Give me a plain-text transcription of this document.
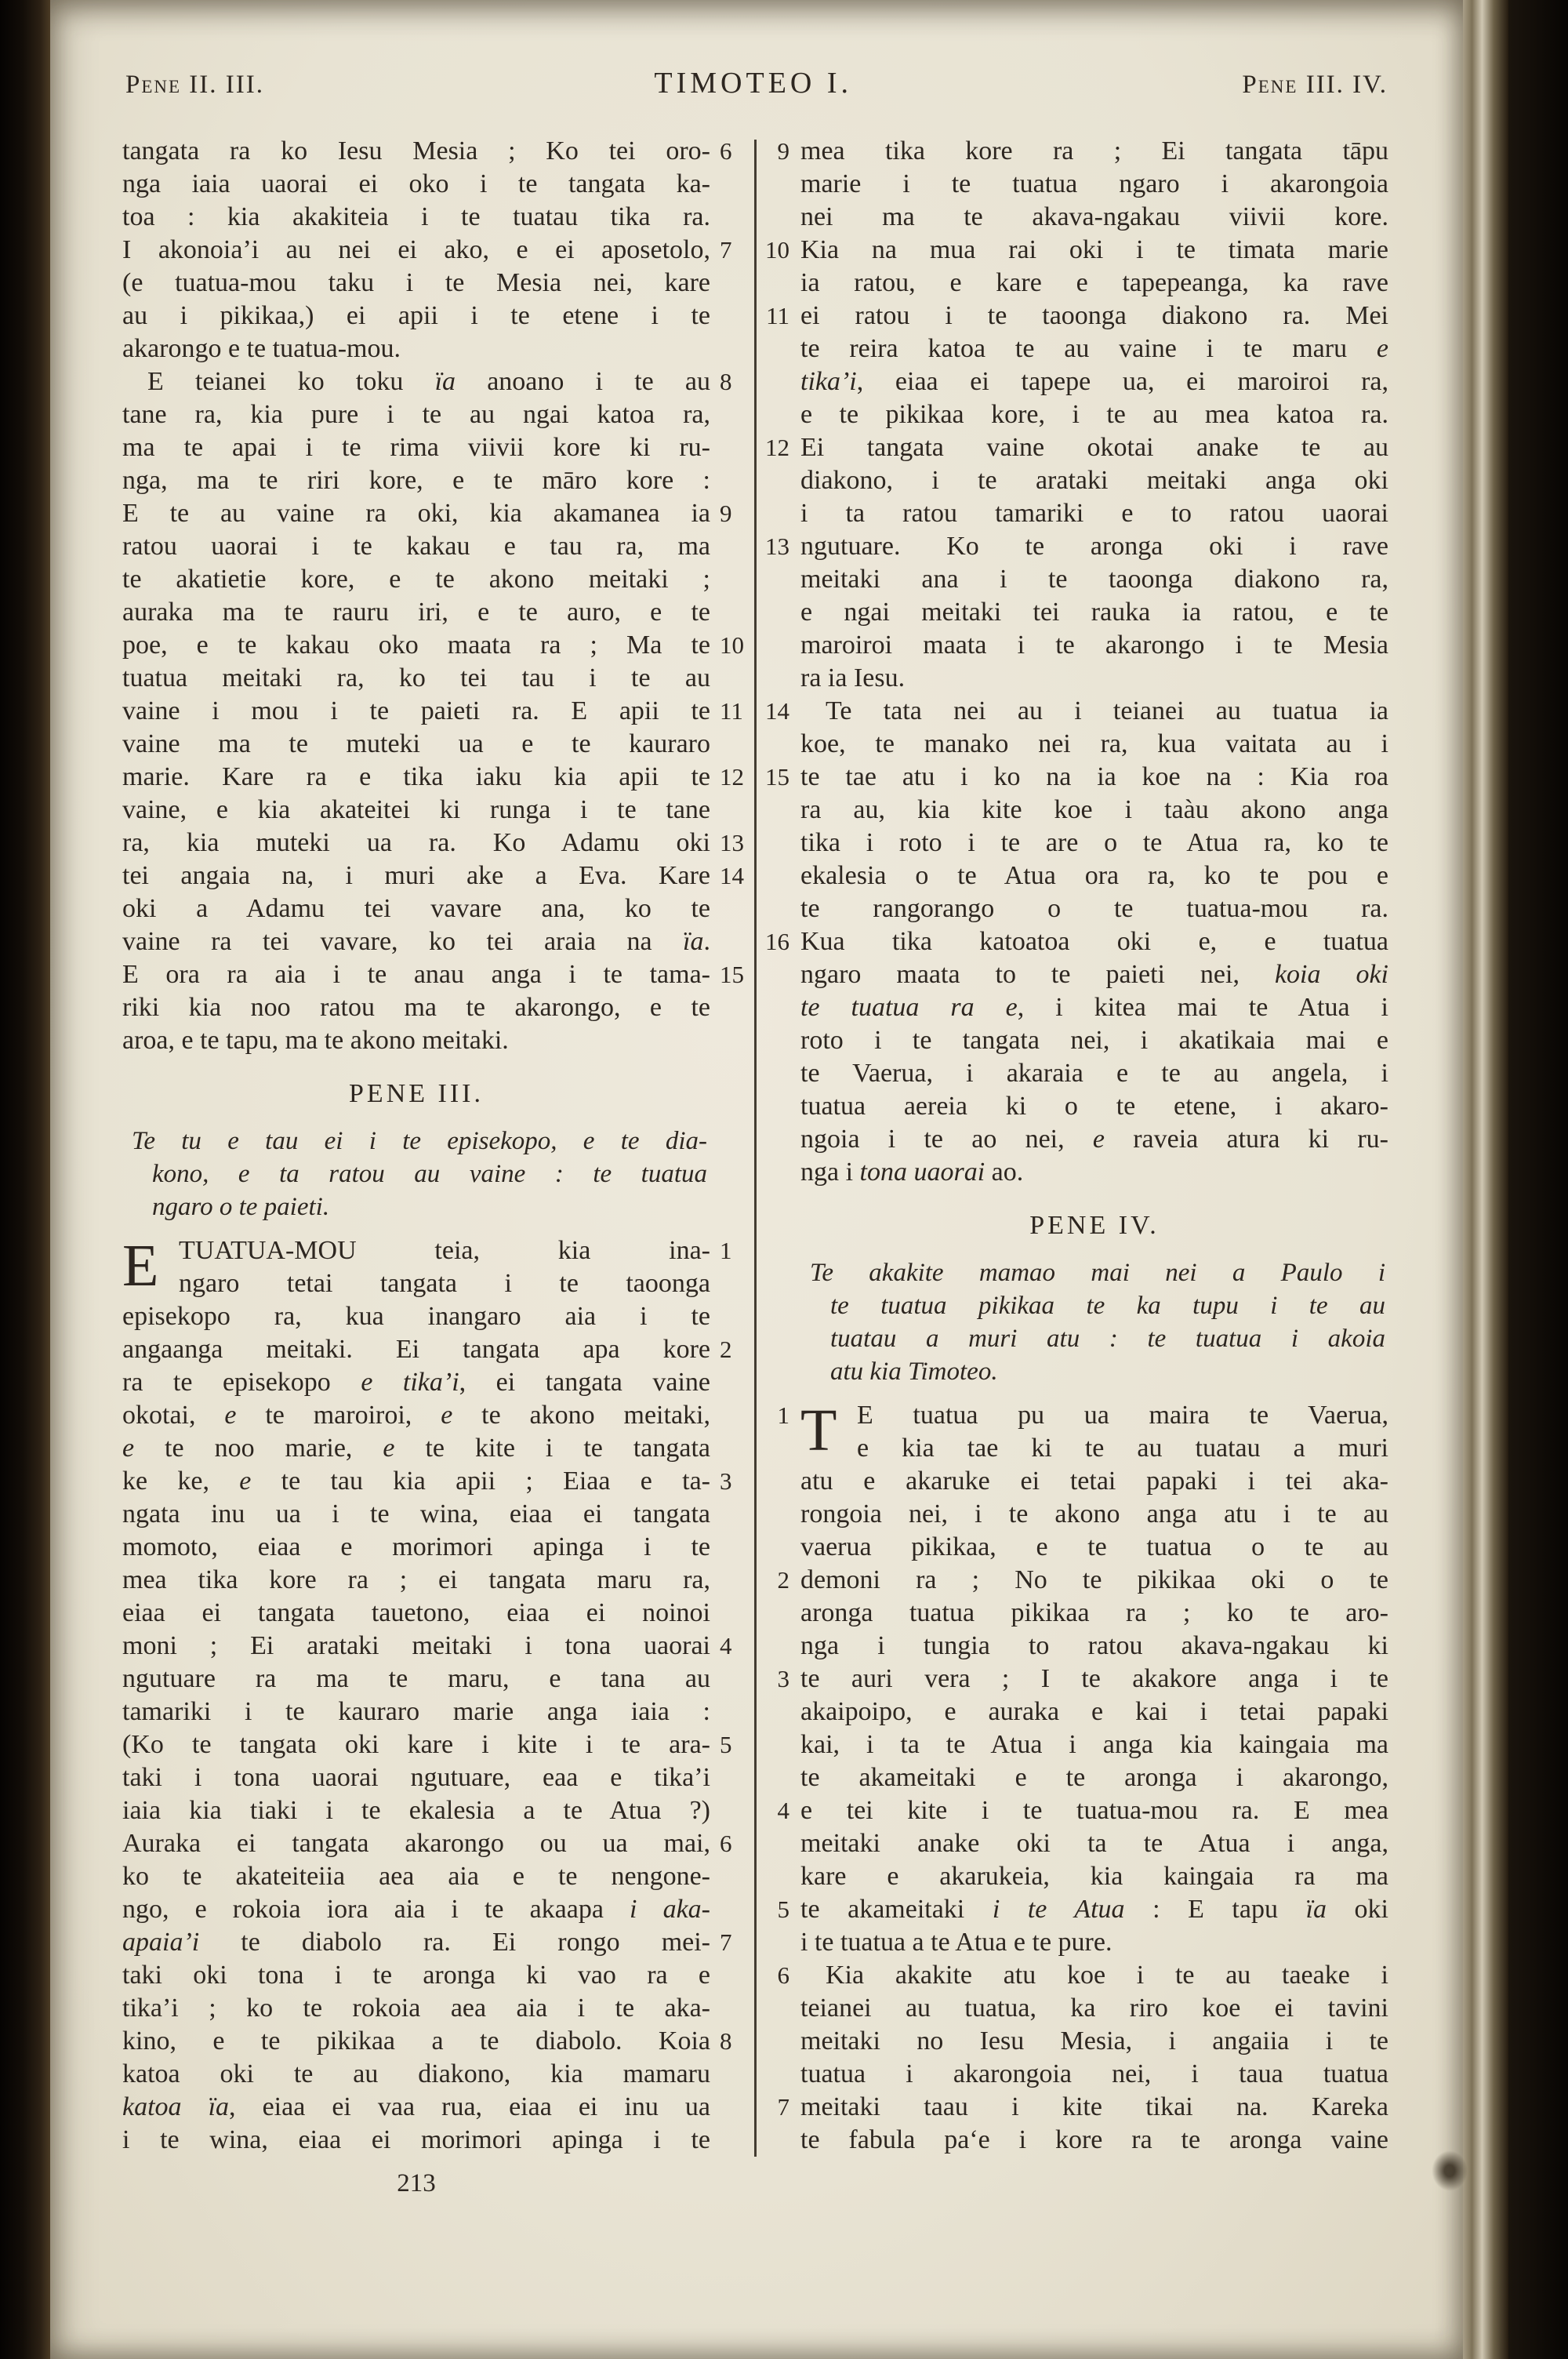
Pene II. III.	TIMOTEO I.	Pene III. IV.
6
tangata ra ko Iesu Mesia ; Ko tei oro-
nga iaia uaorai ei oko i te tangata ka-
toa : kia akakiteia i te tuatau tika ra.
7
I akonoia’i au nei ei ako, e ei aposetolo,
(e tuatua-mou taku i te Mesia nei, kare
au i pikikaa,) ei apii i te etene i te
akarongo e te tuatua-mou.
8
E teianei ko toku ïa anoano i te au
tane ra, kia pure i te au ngai katoa ra,
ma te apai i te rima viivii kore ki ru-
nga, ma te riri kore, e te māro kore :
9
E te au vaine ra oki, kia akamanea ia
ratou uaorai i te kakau e tau ra, ma
te akatietie kore, e te akono meitaki ;
auraka ma te rauru iri, e te auro, e te
10
poe, e te kakau oko maata ra ; Ma te
tuatua meitaki ra, ko tei tau i te au
11
vaine i mou i te paieti ra. E apii te
vaine ma te muteki ua e te kauraro
12
marie. Kare ra e tika iaku kia apii te
vaine, e kia akateitei ki runga i te tane
13
ra, kia muteki ua ra. Ko Adamu oki
14
tei angaia na, i muri ake a Eva. Kare
oki a Adamu tei vavare ana, ko te
vaine ra tei vavare, ko tei araia na ïa.
15
E ora ra aia i te anau anga i te tama-
riki kia noo ratou ma te akarongo, e te
aroa, e te tapu, ma te akono meitaki.
PENE III.
Te tu e tau ei i te episekopo, e te dia-
kono, e ta ratou au vaine : te tuatua
ngaro o te paieti.
1
E TUATUA-MOU teia, kia ina-
ngaro tetai tangata i te taoonga
episekopo ra, kua inangaro aia i te
2
angaanga meitaki. Ei tangata apa kore
ra te episekopo e tika’i, ei tangata vaine
okotai, e te maroiroi, e te akono meitaki,
e te noo marie, e te kite i te tangata
3
ke ke, e te tau kia apii ; Eiaa e ta-
ngata inu ua i te wina, eiaa ei tangata
momoto, eiaa e morimori apinga i te
mea tika kore ra ; ei tangata maru ra,
eiaa ei tangata tauetono, eiaa ei noinoi
4
moni ; Ei arataki meitaki i tona uaorai
ngutuare ra ma te maru, e tana au
tamariki i te kauraro marie anga iaia :
5
(Ko te tangata oki kare i kite i te ara-
taki i tona uaorai ngutuare, eaa e tika’i
iaia kia tiaki i te ekalesia a te Atua ?)
6
Auraka ei tangata akarongo ou ua mai,
ko te akateiteiia aea aia e te nengone-
ngo, e rokoia iora aia i te akaapa i aka-
7
apaia’i te diabolo ra. Ei rongo mei-
taki oki tona i te aronga ki vao ra e
tika’i ; ko te rokoia aea aia i te aka-
8
kino, e te pikikaa a te diabolo. Koia
katoa oki te au diakono, kia mamaru
katoa ïa, eiaa ei vaa rua, eiaa ei inu ua
i te wina, eiaa ei morimori apinga i te
9 mea tika kore ra ; Ei tangata tāpu
marie i te tuatua ngaro i akarongoia
nei ma te akava-ngakau viivii kore.
10 Kia na mua rai oki i te timata marie
ia ratou, e kare e tapepeanga, ka rave
11 ei ratou i te taoonga diakono ra. Mei
te reira katoa te au vaine i te maru e
tika’i, eiaa ei tapepe ua, ei maroiroi ra,
e te pikikaa kore, i te au mea katoa ra.
12 Ei tangata vaine okotai anake te au
diakono, i te arataki meitaki anga oki
i ta ratou tamariki e to ratou uaorai
13 ngutuare. Ko te aronga oki i rave
meitaki ana i te taoonga diakono ra,
e ngai meitaki tei rauka ia ratou, e te
maroiroi maata i te akarongo i te Mesia
ra ia Iesu.
14 Te tata nei au i teianei au tuatua ia
koe, te manako nei ra, kua vaitata au i
15 te tae atu i ko na ia koe na : Kia roa
ra au, kia kite koe i taàu akono anga
tika i roto i te are o te Atua ra, ko te
ekalesia o te Atua ora ra, ko te pou e
te rangorango o te tuatua-mou ra.
16 Kua tika katoatoa oki e, e tuatua
ngaro maata to te paieti nei, koia oki
te tuatua ra e, i kitea mai te Atua i
roto i te tangata nei, i akatikaia mai e
te Vaerua, i akaraia e te au angela, i
tuatua aereia ki o te etene, i akaro-
ngoia i te ao nei, e raveia atura ki ru-
nga i tona uaorai ao.
PENE IV.
Te akakite mamao mai nei a Paulo i
te tuatua pikikaa te ka tupu i te au
tuatau a muri atu : te tuatua i akoia
atu kia Timoteo.
1 T E tuatua pu ua maira te Vaerua,
e kia tae ki te au tuatau a muri
atu e akaruke ei tetai papaki i tei aka-
rongoia nei, i te akono anga atu i te au
vaerua pikikaa, e te tuatua o te au
2 demoni ra ; No te pikikaa oki o te
aronga tuatua pikikaa ra ; ko te aro-
nga i tungia to ratou akava-ngakau ki
3 te auri vera ; I te akakore anga i te
akaipoipo, e auraka e kai i tetai papaki
kai, i ta te Atua i anga kia kaingaia ma
te akameitaki e te aronga i akarongo,
4 e tei kite i te tuatua-mou ra. E mea
meitaki anake oki ta te Atua i anga,
kare e akarukeia, kia kaingaia ra ma
5 te akameitaki i te Atua : E tapu ïa oki
i te tuatua a te Atua e te pure.
6 Kia akakite atu koe i te au taeake i
teianei au tuatua, ka riro koe ei tavini
meitaki no Iesu Mesia, i angaiia i te
tuatua i akarongoia nei, i taua tuatua
7 meitaki taau i kite tikai na. Kareka
te fabula pa‘e i kore ra te aronga vaine
213
